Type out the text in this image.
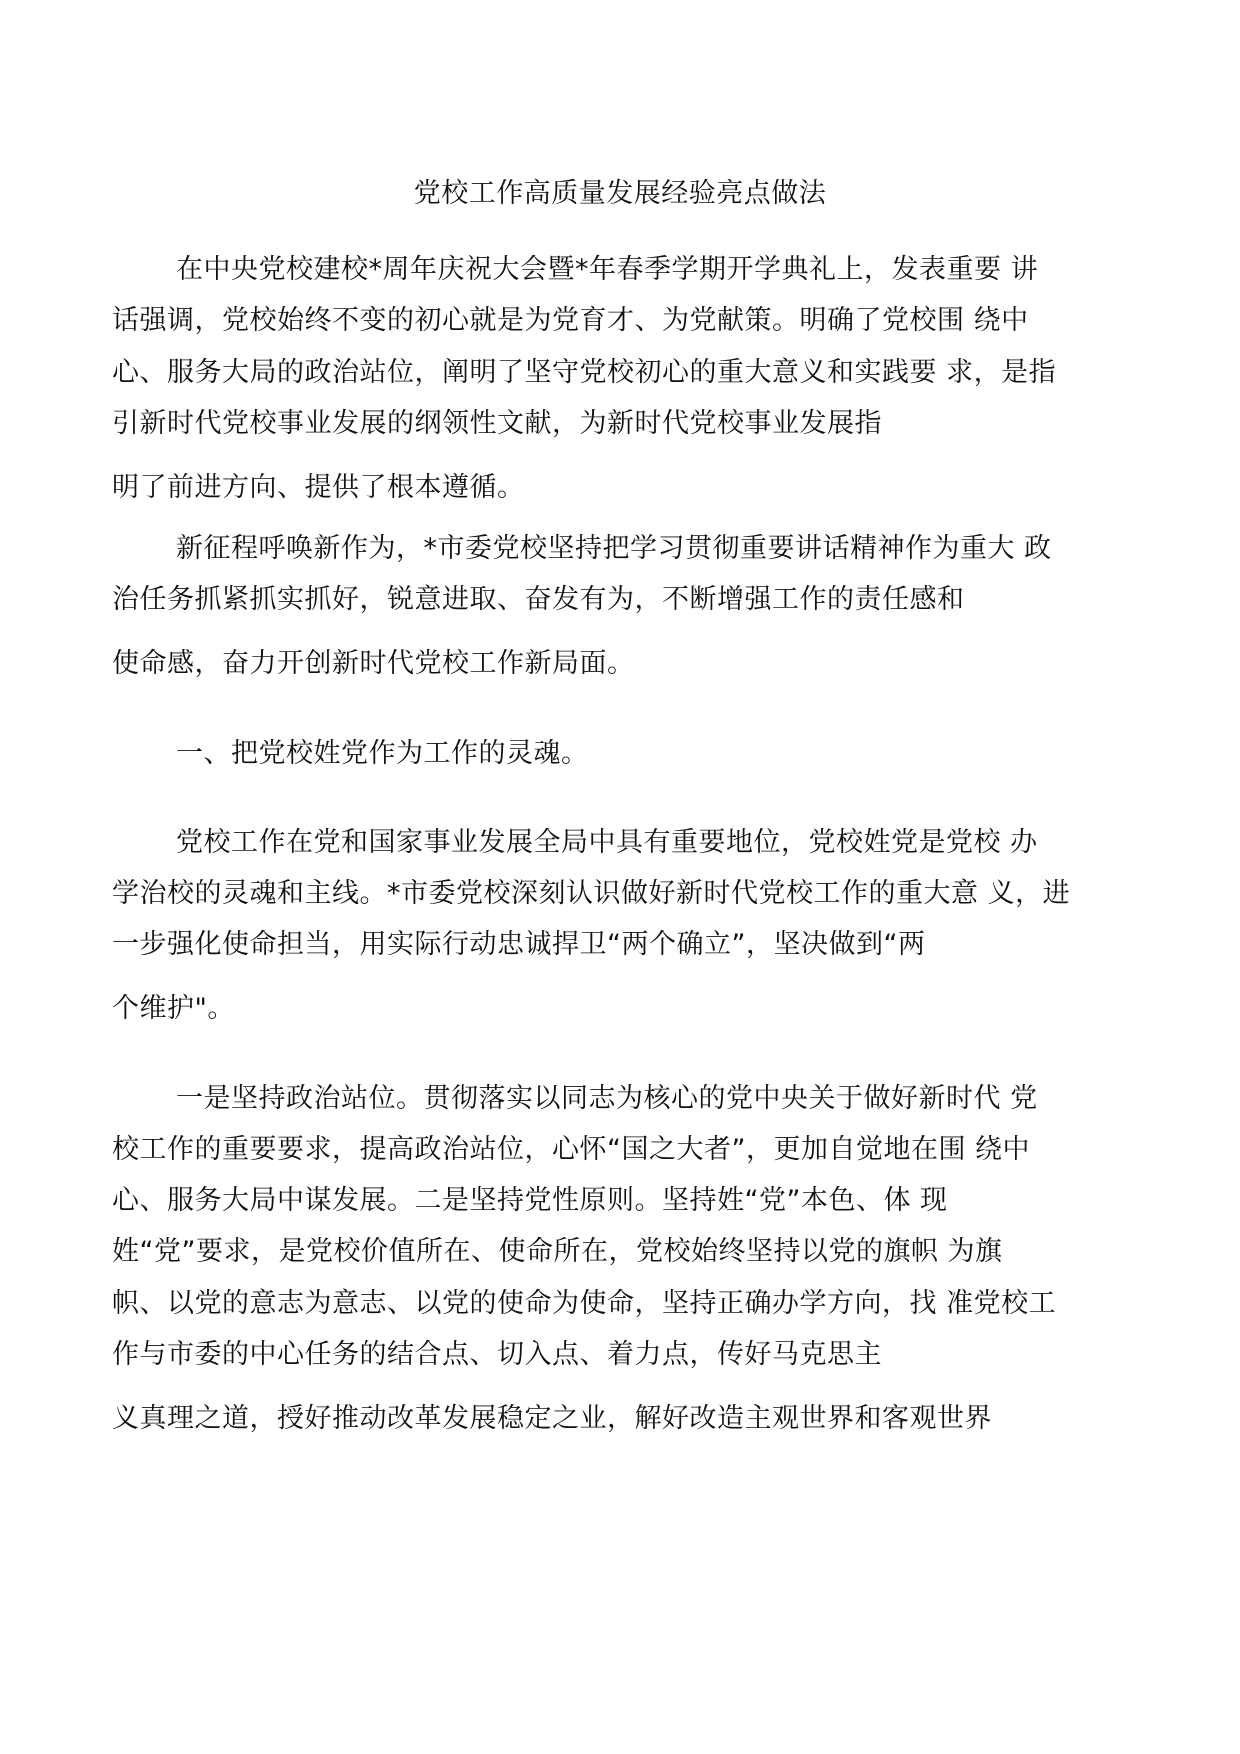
党校工作高质量发展经验亮点做法
在中央党校建校*周年庆祝大会暨*年春季学期开学典礼上，发表重要 讲
话强调，党校始终不变的初心就是为党育才、为党献策。明确了党校围 绕中
心、服务大局的政治站位，阐明了坚守党校初心的重大意义和实践要 求，是指
引新时代党校事业发展的纲领性文献，为新时代党校事业发展指
明了前进方向、提供了根本遵循。
新征程呼唤新作为，*市委党校坚持把学习贯彻重要讲话精神作为重大 政
治任务抓紧抓实抓好，锐意进取、奋发有为，不断增强工作的责任感和
使命感，奋力开创新时代党校工作新局面。
一、把党校姓党作为工作的灵魂。
党校工作在党和国家事业发展全局中具有重要地位，党校姓党是党校 办
学治校的灵魂和主线。*市委党校深刻认识做好新时代党校工作的重大意 义，进
一步强化使命担当，用实际行动忠诚捍卫“两个确立”，坚决做到“两
个维护"。
一是坚持政治站位。贯彻落实以同志为核心的党中央关于做好新时代 党
校工作的重要要求，提高政治站位，心怀“国之大者”，更加自觉地在围 绕中
心、服务大局中谋发展。二是坚持党性原则。坚持姓“党”本色、体 现
姓“党”要求，是党校价值所在、使命所在，党校始终坚持以党的旗帜 为旗
帜、以党的意志为意志、以党的使命为使命，坚持正确办学方向，找 准党校工
作与市委的中心任务的结合点、切入点、着力点，传好马克思主
义真理之道，授好推动改革发展稳定之业，解好改造主观世界和客观世界
